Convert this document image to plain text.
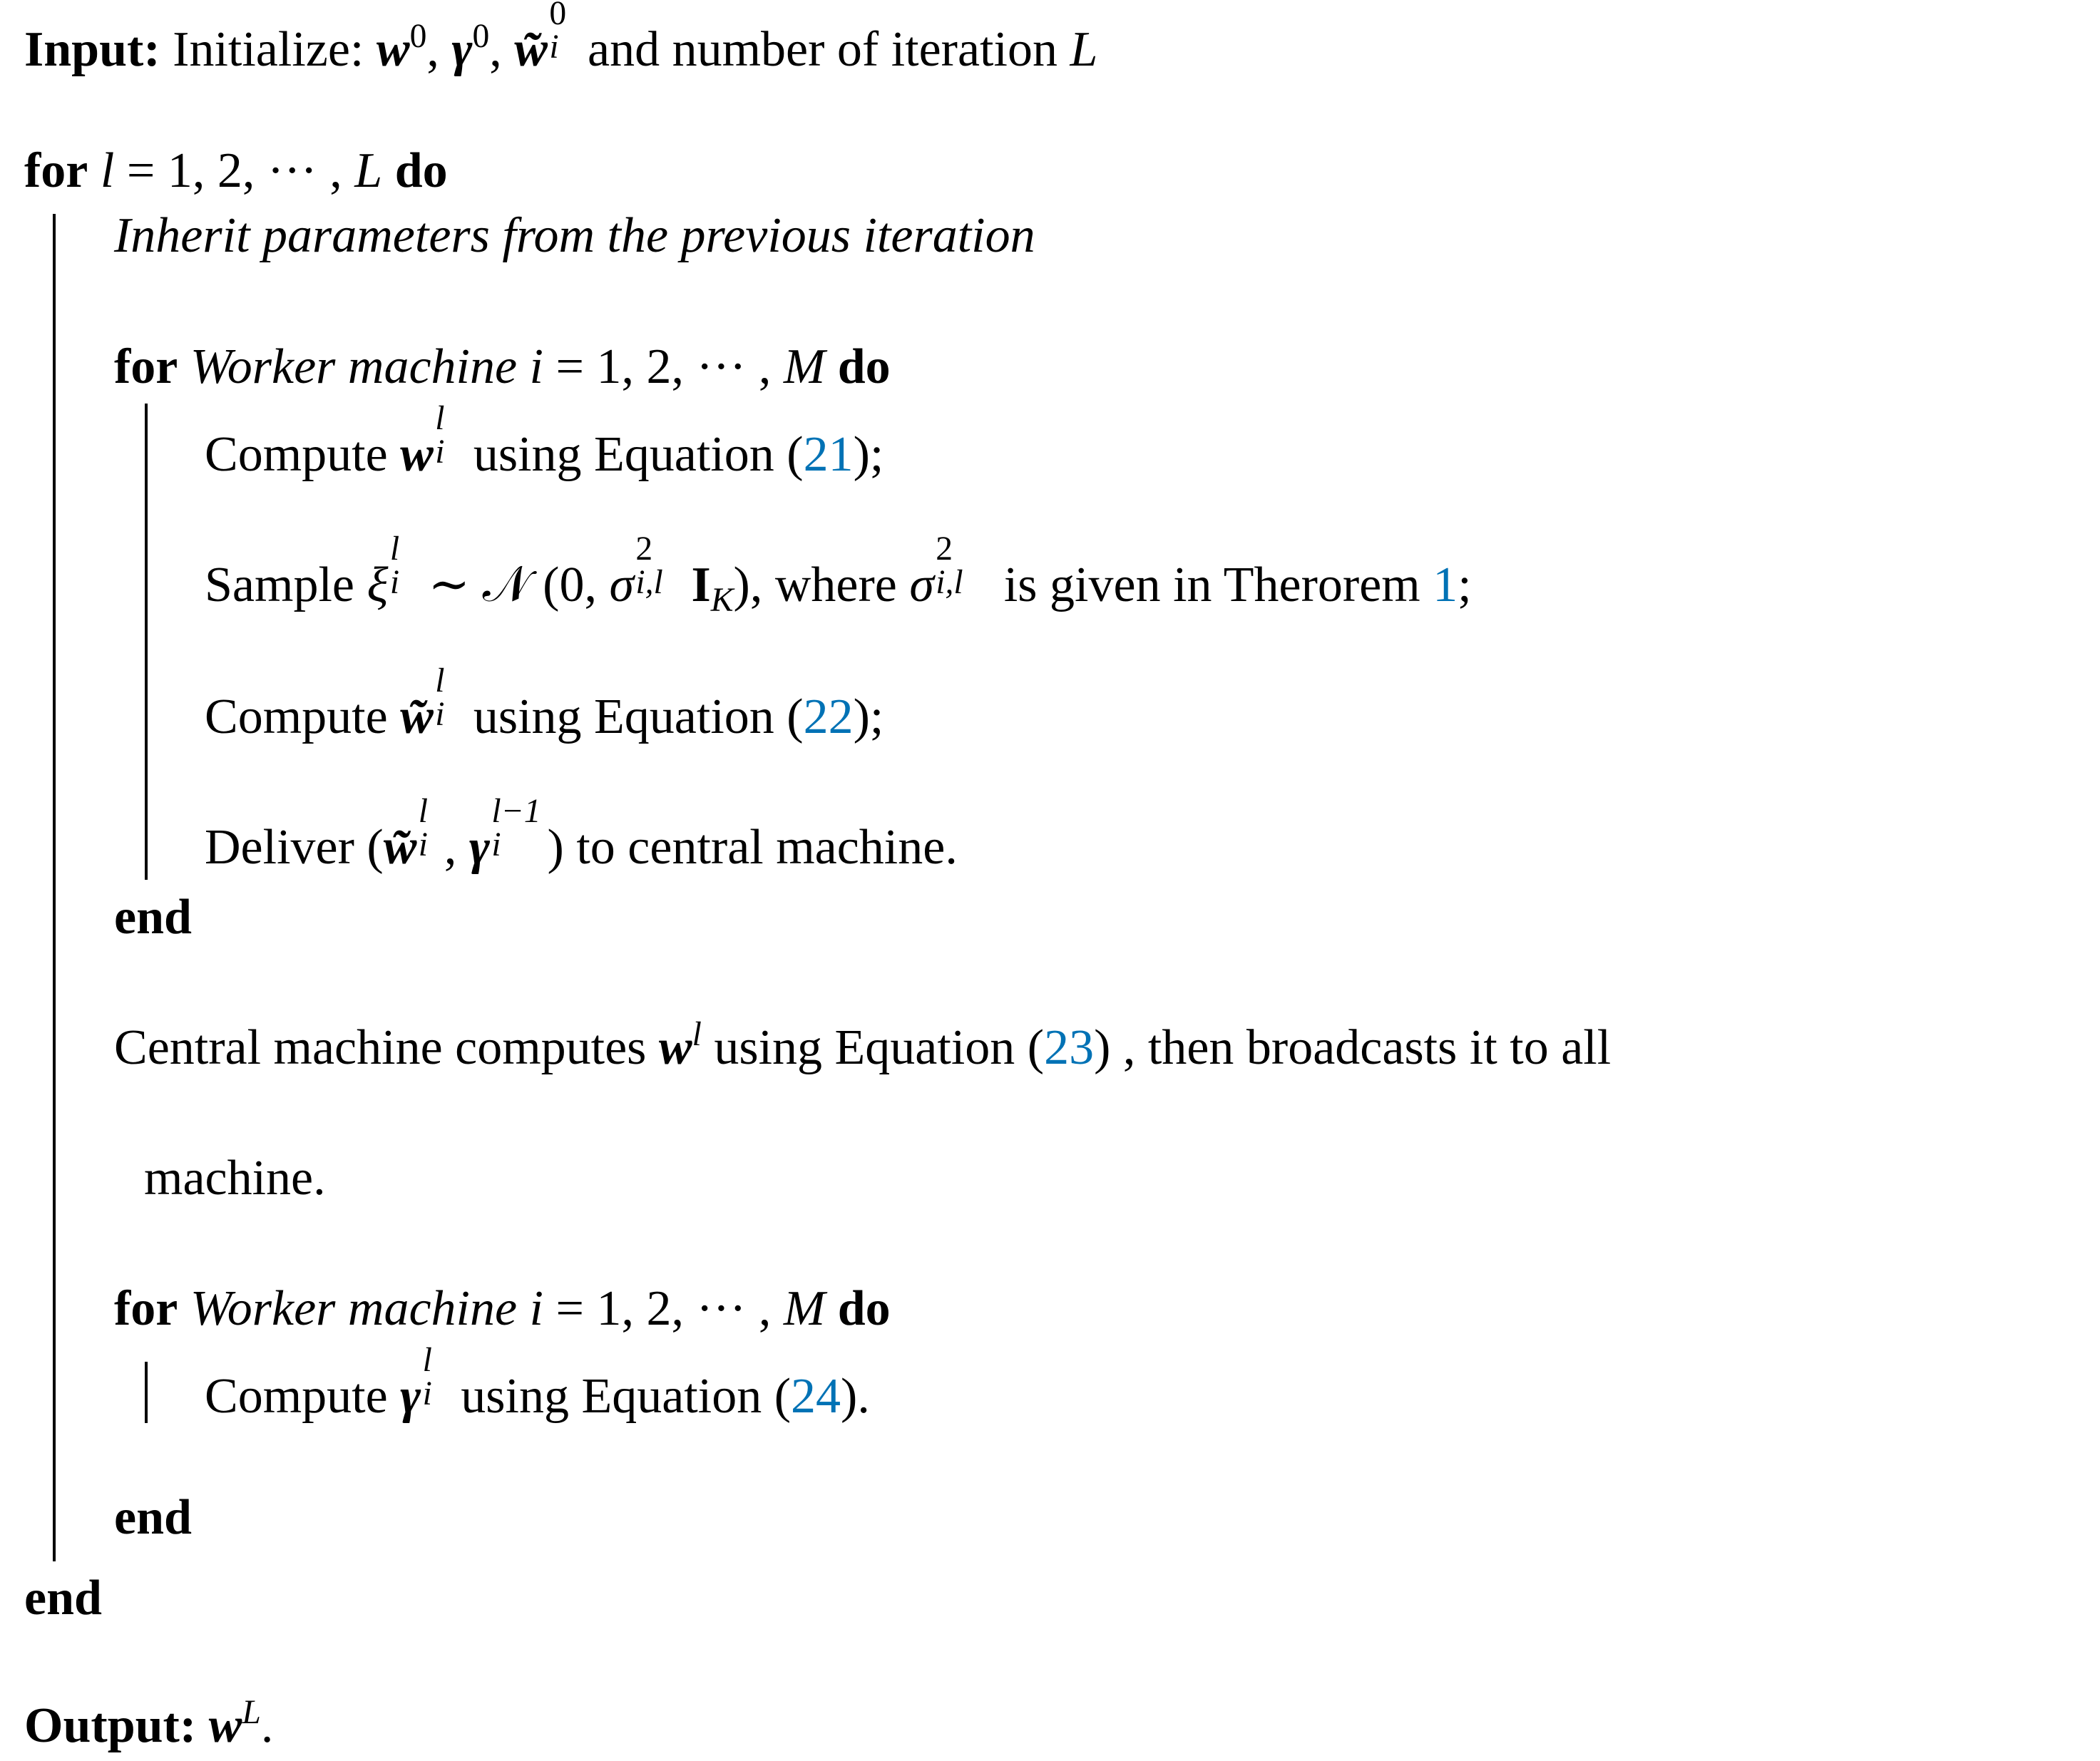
Input: Initialize: $w^0$, $\gamma^0$, w̃
0
i and number of iteration L
for l = 1, 2, ··· , L do
Inherit parameters from the previous iteration
for Worker machine i = 1, 2, ··· , M do
Compute w
l
i using Equation (21);
Sample ξ
l
i ∼ 𝒩 (0, σ
2
i,l $I_K$), where σ
2
i,l is given in Therorem 1;
Compute w̃
l
i using Equation (22);
Deliver (w̃
l
i , γ
l−1
i ) to central machine.
end
Central machine computes $w^l$ using Equation (23) , then broadcasts it to all
machine.
for Worker machine i = 1, 2, ··· , M do
Compute γ
l
i using Equation (24).
end
end
Output: $w^L$.
